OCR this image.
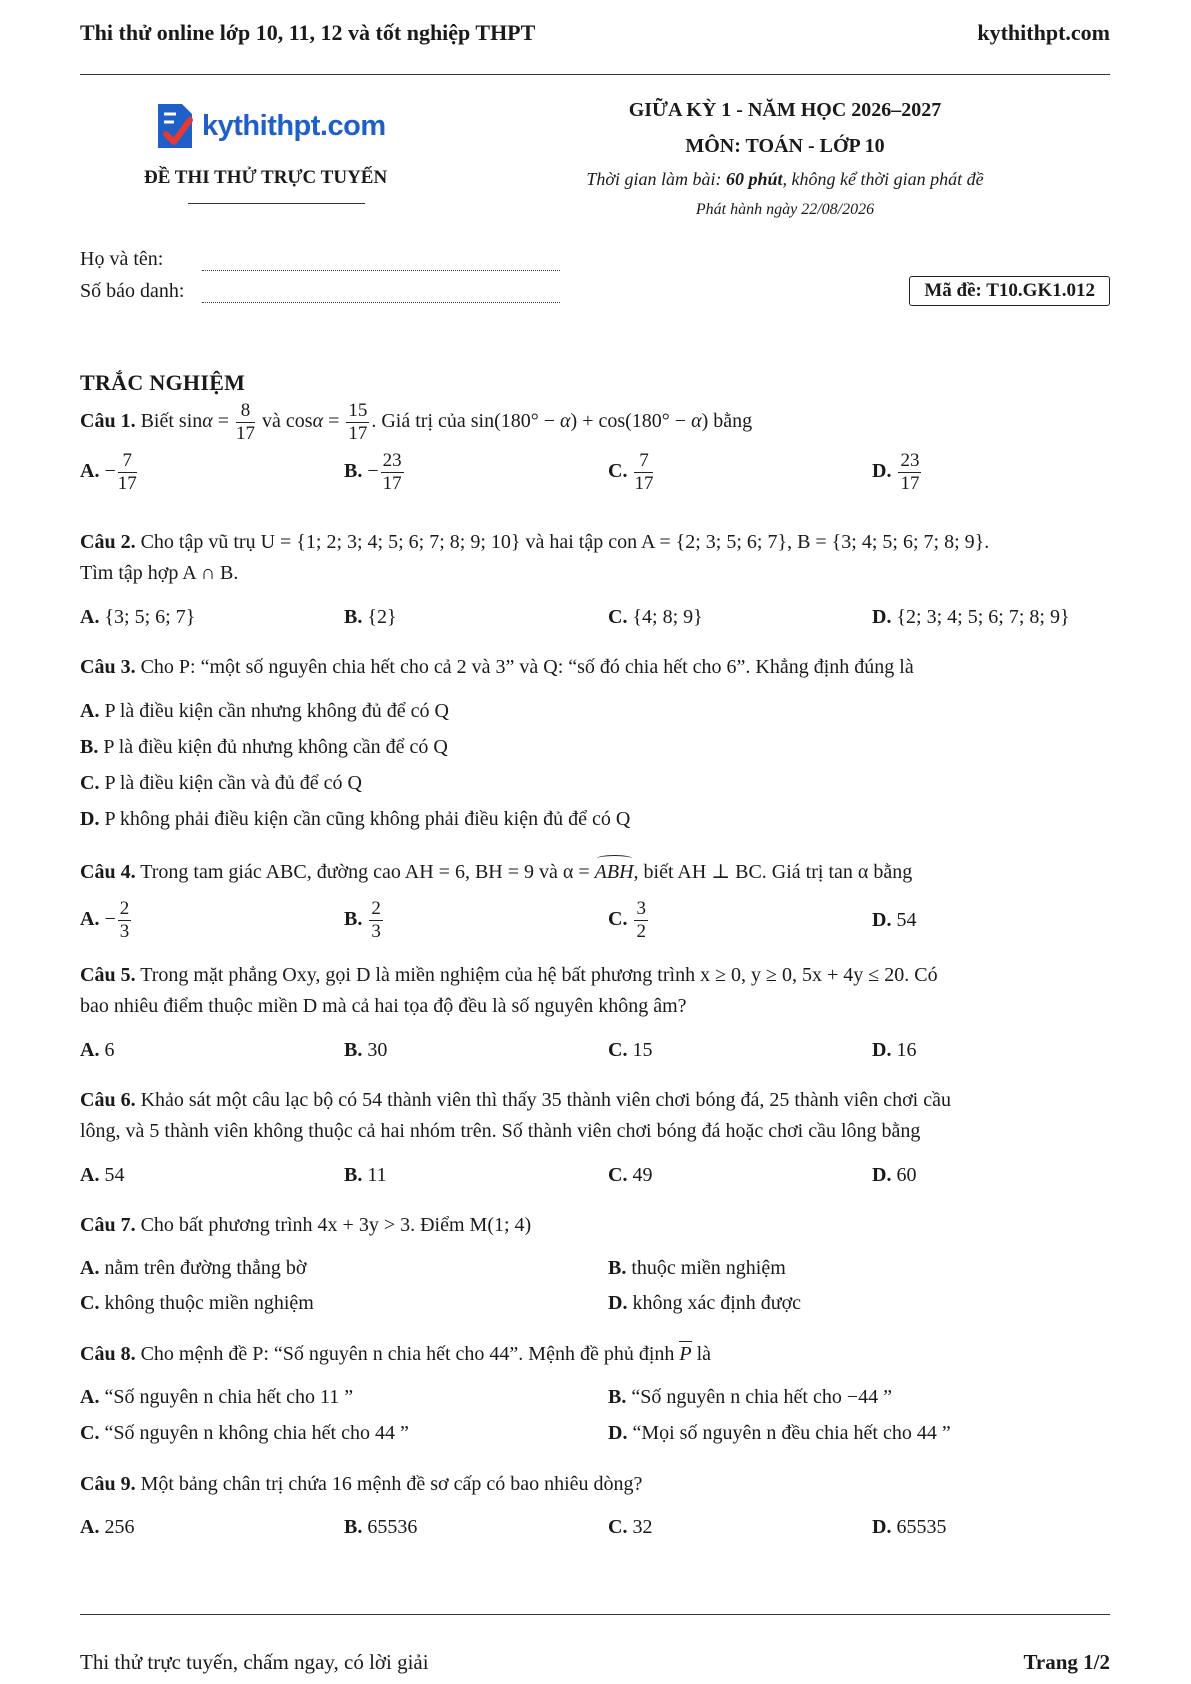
Thi thử online lớp 10, 11, 12 và tốt nghiệp THPT	kythithpt.com
kythithpt.com
ĐỀ THI THỬ TRỰC TUYẾN
GIỮA KỲ 1 - NĂM HỌC 2026–2027
MÔN: TOÁN - LỚP 10
Thời gian làm bài: 60 phút, không kể thời gian phát đề
Phát hành ngày 22/08/2026
Họ và tên:
Số báo danh:	Mã đề: T10.GK1.012
TRẮC NGHIỆM
Câu 1. Biết $\sin\alpha = \frac{8}{17}$ và $\cos\alpha = \frac{15}{17}$ . Giá trị của sin(180° − α) + cos(180° − α) bằng
A. − $\frac{7}{17}$	B. − $\frac{23}{17}$	C. $\frac{7}{17}$	D. $\frac{23}{17}$
Câu 2. Cho tập vũ trụ U = {1; 2; 3; 4; 5; 6; 7; 8; 9; 10} và hai tập con A = {2; 3; 5; 6; 7}, B = {3; 4; 5; 6; 7; 8; 9}.
Tìm tập hợp A ∩ B.
A. {3; 5; 6; 7}	B. {2}	C. {4; 8; 9}	D. {2; 3; 4; 5; 6; 7; 8; 9}
Câu 3. Cho P: “một số nguyên chia hết cho cả 2 và 3” và Q: “số đó chia hết cho 6”. Khẳng định đúng là
A. P là điều kiện cần nhưng không đủ để có Q
B. P là điều kiện đủ nhưng không cần để có Q
C. P là điều kiện cần và đủ để có Q
D. P không phải điều kiện cần cũng không phải điều kiện đủ để có Q
Câu 4. Trong tam giác ABC, đường cao AH = 6, BH = 9 và α = ABH, biết AH ⊥ BC. Giá trị tan α bằng
A. − $\frac{2}{3}$	B. $\frac{2}{3}$	C. $\frac{3}{2}$	D. 54
Câu 5. Trong mặt phẳng Oxy, gọi D là miền nghiệm của hệ bất phương trình x ≥ 0, y ≥ 0, 5x + 4y ≤ 20. Có
bao nhiêu điểm thuộc miền D mà cả hai tọa độ đều là số nguyên không âm?
A. 6	B. 30	C. 15	D. 16
Câu 6. Khảo sát một câu lạc bộ có 54 thành viên thì thấy 35 thành viên chơi bóng đá, 25 thành viên chơi cầu
lông, và 5 thành viên không thuộc cả hai nhóm trên. Số thành viên chơi bóng đá hoặc chơi cầu lông bằng
A. 54	B. 11	C. 49	D. 60
Câu 7. Cho bất phương trình 4x + 3y > 3. Điểm M(1; 4)
A. nằm trên đường thẳng bờ	B. thuộc miền nghiệm
C. không thuộc miền nghiệm	D. không xác định được
Câu 8. Cho mệnh đề P: “Số nguyên n chia hết cho 44”. Mệnh đề phủ định P là
A. “Số nguyên n chia hết cho 11 ”	B. “Số nguyên n chia hết cho −44 ”
C. “Số nguyên n không chia hết cho 44 ”	D. “Mọi số nguyên n đều chia hết cho 44 ”
Câu 9. Một bảng chân trị chứa 16 mệnh đề sơ cấp có bao nhiêu dòng?
A. 256	B. 65536	C. 32	D. 65535
Thi thử trực tuyến, chấm ngay, có lời giải	Trang 1/2
